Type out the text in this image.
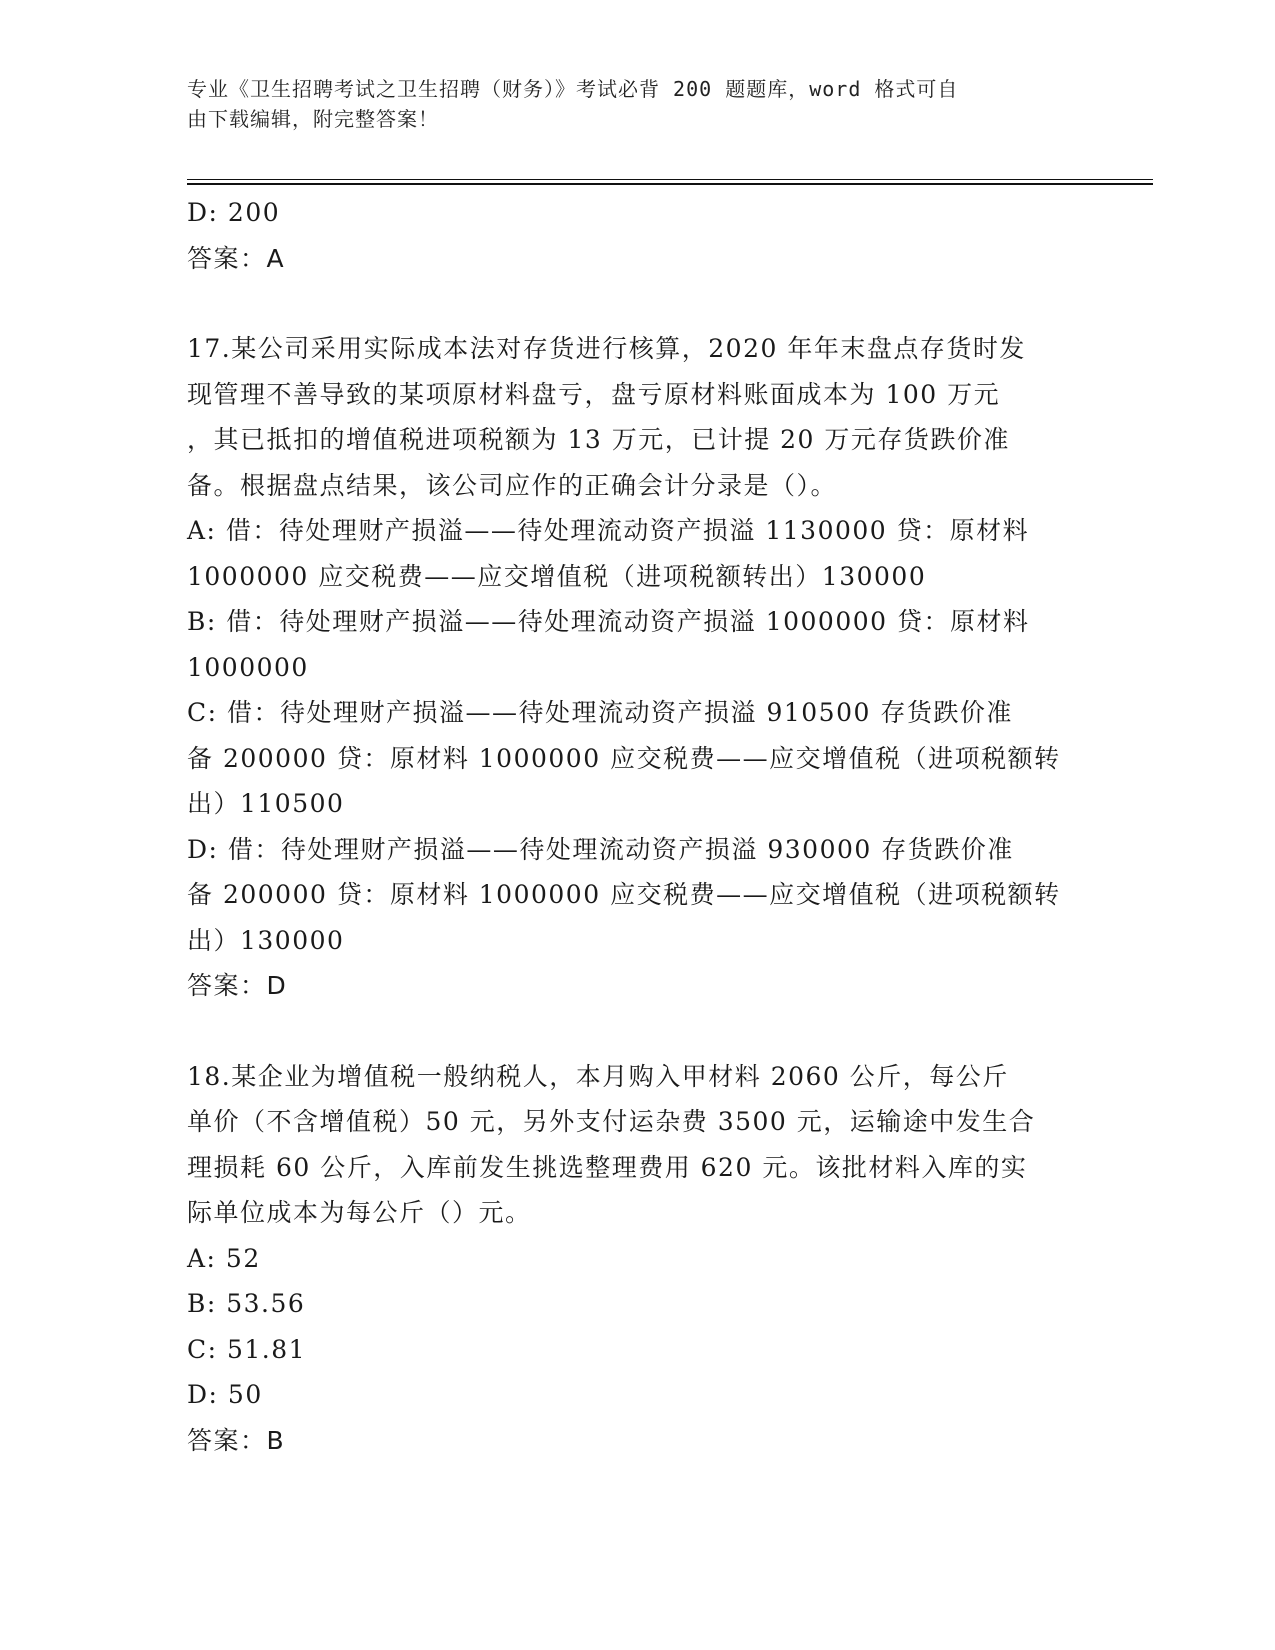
专业《卫生招聘考试之卫生招聘（财务）》考试必背 200 题题库，word 格式可自
由下载编辑，附完整答案！
D: 200
答案：A
17.某公司采用实际成本法对存货进行核算，2020 年年末盘点存货时发
现管理不善导致的某项原材料盘亏，盘亏原材料账面成本为 100 万元
，其已抵扣的增值税进项税额为 13 万元，已计提 20 万元存货跌价准
备。根据盘点结果，该公司应作的正确会计分录是（）。
A: 借：待处理财产损溢——待处理流动资产损溢 1130000 贷：原材料
1000000 应交税费——应交增值税（进项税额转出）130000
B: 借：待处理财产损溢——待处理流动资产损溢 1000000 贷：原材料
1000000
C: 借：待处理财产损溢——待处理流动资产损溢 910500 存货跌价准
备 200000 贷：原材料 1000000 应交税费——应交增值税（进项税额转
出）110500
D: 借：待处理财产损溢——待处理流动资产损溢 930000 存货跌价准
备 200000 贷：原材料 1000000 应交税费——应交增值税（进项税额转
出）130000
答案：D
18.某企业为增值税一般纳税人，本月购入甲材料 2060 公斤，每公斤
单价（不含增值税）50 元，另外支付运杂费 3500 元，运输途中发生合
理损耗 60 公斤，入库前发生挑选整理费用 620 元。该批材料入库的实
际单位成本为每公斤（）元。
A: 52
B: 53.56
C: 51.81
D: 50
答案：B
